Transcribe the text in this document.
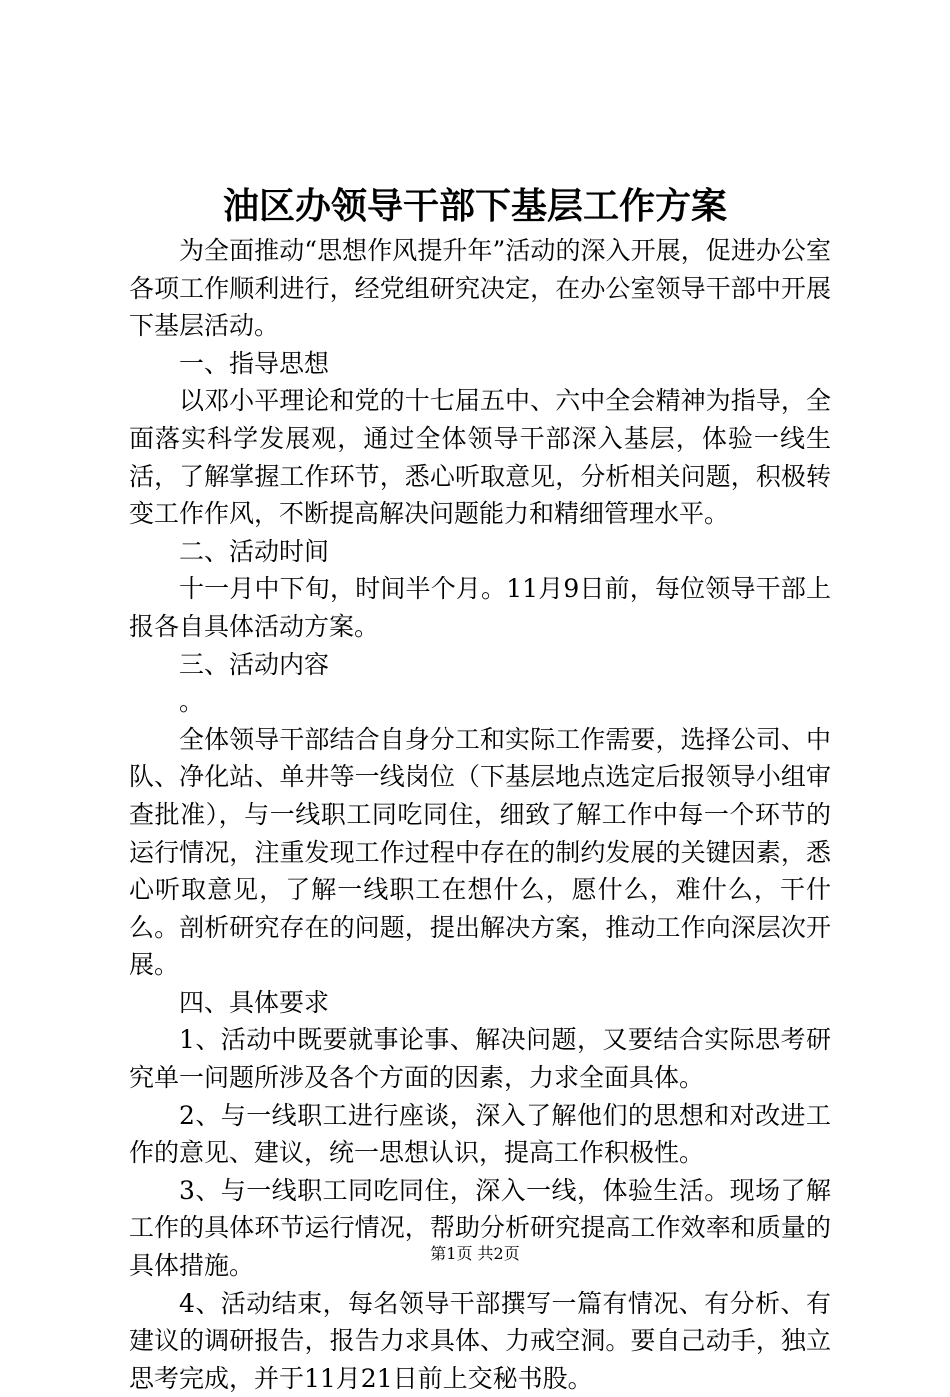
油区办领导干部下基层工作方案

为全面推动“思想作风提升年”活动的深入开展，促进办公室各项工作顺利进行，经党组研究决定，在办公室领导干部中开展下基层活动。

一、指导思想

以邓小平理论和党的十七届五中、六中全会精神为指导，全面落实科学发展观，通过全体领导干部深入基层，体验一线生活，了解掌握工作环节，悉心听取意见，分析相关问题，积极转变工作作风，不断提高解决问题能力和精细管理水平。

二、活动时间

十一月中下旬，时间半个月。11月9日前，每位领导干部上报各自具体活动方案。

三、活动内容

。

全体领导干部结合自身分工和实际工作需要，选择公司、中队、净化站、单井等一线岗位（下基层地点选定后报领导小组审查批准），与一线职工同吃同住，细致了解工作中每一个环节的运行情况，注重发现工作过程中存在的制约发展的关键因素，悉心听取意见，了解一线职工在想什么，愿什么，难什么，干什么。剖析研究存在的问题，提出解决方案，推动工作向深层次开展。

四、具体要求

1、活动中既要就事论事、解决问题，又要结合实际思考研究单一问题所涉及各个方面的因素，力求全面具体。

2、与一线职工进行座谈，深入了解他们的思想和对改进工作的意见、建议，统一思想认识，提高工作积极性。

3、与一线职工同吃同住，深入一线，体验生活。现场了解工作的具体环节运行情况，帮助分析研究提高工作效率和质量的具体措施。

4、活动结束，每名领导干部撰写一篇有情况、有分析、有建议的调研报告，报告力求具体、力戒空洞。要自己动手，独立思考完成，并于11月21日前上交秘书股。

第1页 共2页
